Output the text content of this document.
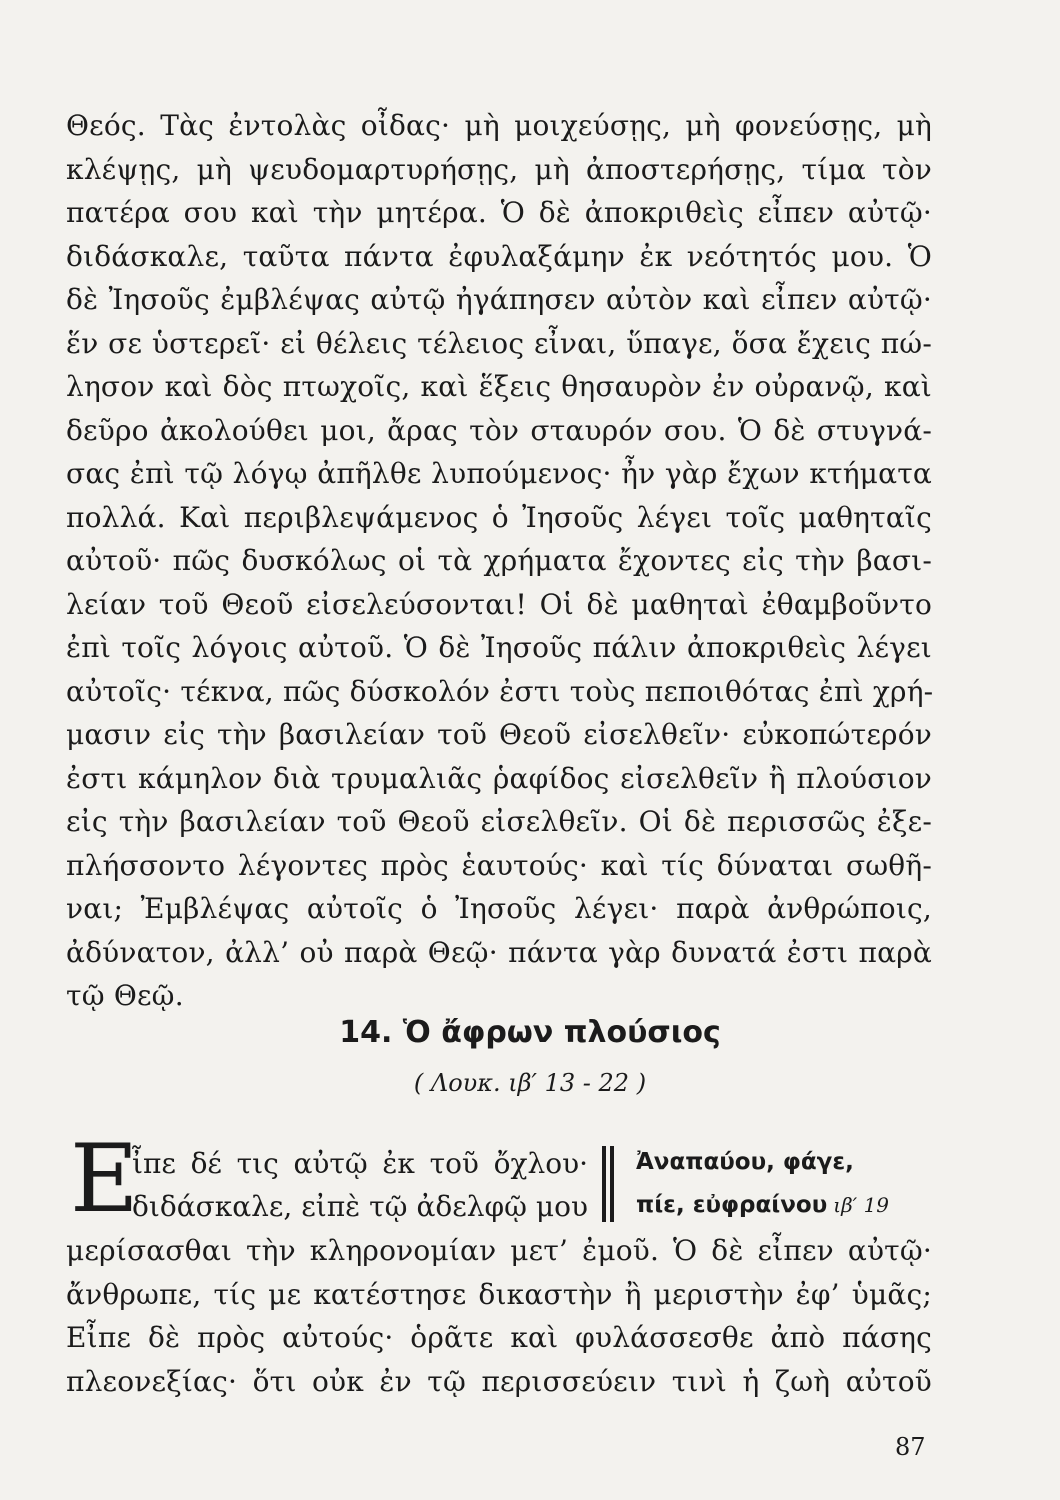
Θεός. Τὰς ἐντολὰς οἶδας· μὴ μοιχεύσῃς, μὴ φονεύσῃς, μὴ
κλέψῃς, μὴ ψευδομαρτυρήσῃς, μὴ ἀποστερήσῃς, τίμα τὸν
πατέρα σου καὶ τὴν μητέρα. Ὁ δὲ ἀποκριθεὶς εἶπεν αὐτῷ·
διδάσκαλε, ταῦτα πάντα ἐφυλαξάμην ἐκ νεότητός μου. Ὁ
δὲ Ἰησοῦς ἐμβλέψας αὐτῷ ἠγάπησεν αὐτὸν καὶ εἶπεν αὐτῷ·
ἕν σε ὑστερεῖ· εἰ θέλεις τέλειος εἶναι, ὕπαγε, ὅσα ἔχεις πώ-
λησον καὶ δὸς πτωχοῖς, καὶ ἕξεις θησαυρὸν ἐν οὐρανῷ, καὶ
δεῦρο ἀκολούθει μοι, ἄρας τὸν σταυρόν σου. Ὁ δὲ στυγνά-
σας ἐπὶ τῷ λόγῳ ἀπῆλθε λυπούμενος· ἦν γὰρ ἔχων κτήματα
πολλά. Καὶ περιβλεψάμενος ὁ Ἰησοῦς λέγει τοῖς μαθηταῖς
αὐτοῦ· πῶς δυσκόλως οἱ τὰ χρήματα ἔχοντες εἰς τὴν βασι-
λείαν τοῦ Θεοῦ εἰσελεύσονται! Οἱ δὲ μαθηταὶ ἐθαμβοῦντο
ἐπὶ τοῖς λόγοις αὐτοῦ. Ὁ δὲ Ἰησοῦς πάλιν ἀποκριθεὶς λέγει
αὐτοῖς· τέκνα, πῶς δύσκολόν ἐστι τοὺς πεποιθότας ἐπὶ χρή-
μασιν εἰς τὴν βασιλείαν τοῦ Θεοῦ εἰσελθεῖν· εὐκοπώτερόν
ἐστι κάμηλον διὰ τρυμαλιᾶς ῥαφίδος εἰσελθεῖν ἢ πλούσιον
εἰς τὴν βασιλείαν τοῦ Θεοῦ εἰσελθεῖν. Οἱ δὲ περισσῶς ἐξε-
πλήσσοντο λέγοντες πρὸς ἑαυτούς· καὶ τίς δύναται σωθῆ-
ναι; Ἐμβλέψας αὐτοῖς ὁ Ἰησοῦς λέγει· παρὰ ἀνθρώποις,
ἀδύνατον, ἀλλ’ οὐ παρὰ Θεῷ· πάντα γὰρ δυνατά ἐστι παρὰ
τῷ Θεῷ.
14. Ὁ ἄφρων πλούσιος
( Λουκ. ιβ′ 13 - 22 )
E
ἶπε δέ τις αὐτῷ ἐκ τοῦ ὄχλου·
διδάσκαλε, εἰπὲ τῷ ἀδελφῷ μου
Ἀναπαύου, φάγε,
πίε, εὐφραίνου ιβ′ 19
μερίσασθαι τὴν κληρονομίαν μετ’ ἐμοῦ. Ὁ δὲ εἶπεν αὐτῷ·
ἄνθρωπε, τίς με κατέστησε δικαστὴν ἢ μεριστὴν ἐφ’ ὑμᾶς;
Εἶπε δὲ πρὸς αὐτούς· ὁρᾶτε καὶ φυλάσσεσθε ἀπὸ πάσης
πλεονεξίας· ὅτι οὐκ ἐν τῷ περισσεύειν τινὶ ἡ ζωὴ αὐτοῦ
87
